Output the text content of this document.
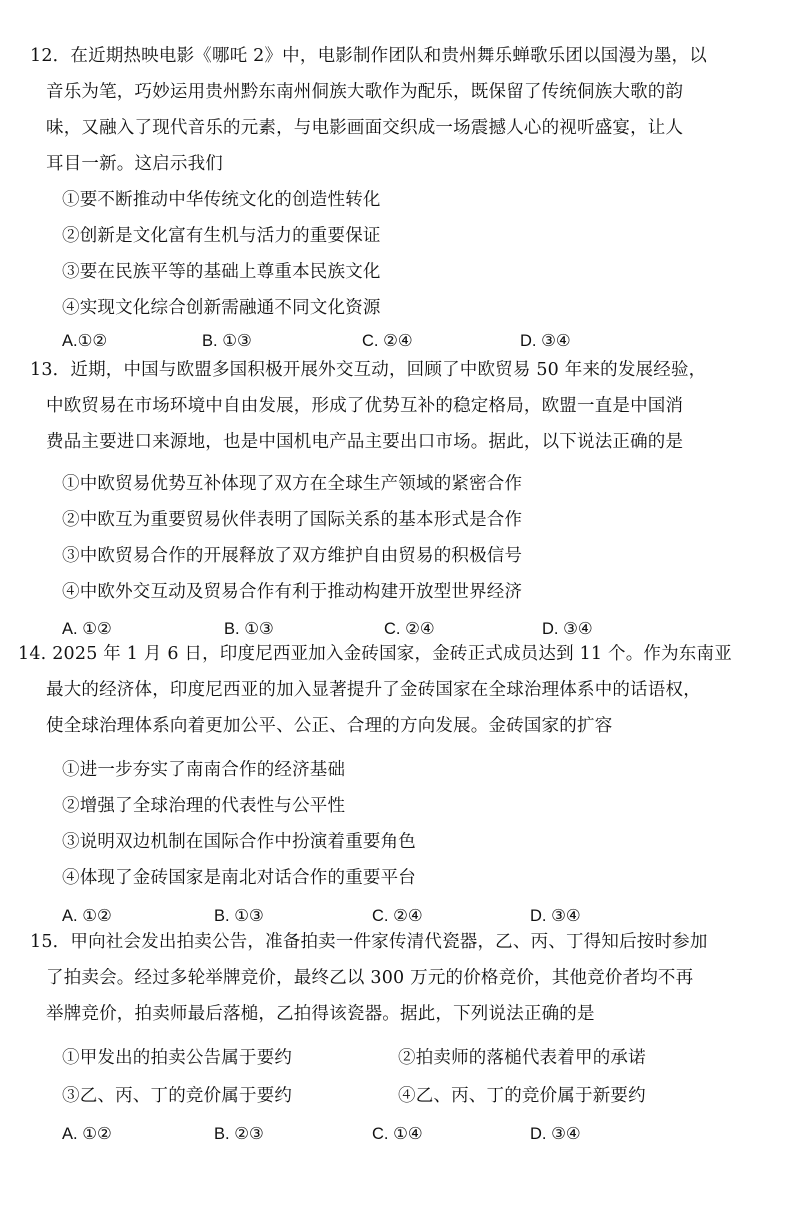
12．在近期热映电影《哪吒 2》中，电影制作团队和贵州舞乐蝉歌乐团以国漫为墨，以
音乐为笔，巧妙运用贵州黔东南州侗族大歌作为配乐，既保留了传统侗族大歌的韵
味，又融入了现代音乐的元素，与电影画面交织成一场震撼人心的视听盛宴，让人
耳目一新。这启示我们
①要不断推动中华传统文化的创造性转化
②创新是文化富有生机与活力的重要保证
③要在民族平等的基础上尊重本民族文化
④实现文化综合创新需融通不同文化资源
A.①②	B. ①③	C. ②④	D. ③④
13．近期，中国与欧盟多国积极开展外交互动，回顾了中欧贸易 50 年来的发展经验，
中欧贸易在市场环境中自由发展，形成了优势互补的稳定格局，欧盟一直是中国消
费品主要进口来源地，也是中国机电产品主要出口市场。据此，以下说法正确的是
①中欧贸易优势互补体现了双方在全球生产领域的紧密合作
②中欧互为重要贸易伙伴表明了国际关系的基本形式是合作
③中欧贸易合作的开展释放了双方维护自由贸易的积极信号
④中欧外交互动及贸易合作有利于推动构建开放型世界经济
A. ①②	B. ①③	C. ②④	D. ③④
14. 2025 年 1 月 6 日，印度尼西亚加入金砖国家，金砖正式成员达到 11 个。作为东南亚
最大的经济体，印度尼西亚的加入显著提升了金砖国家在全球治理体系中的话语权，
使全球治理体系向着更加公平、公正、合理的方向发展。金砖国家的扩容
①进一步夯实了南南合作的经济基础
②增强了全球治理的代表性与公平性
③说明双边机制在国际合作中扮演着重要角色
④体现了金砖国家是南北对话合作的重要平台
A. ①②	B. ①③	C. ②④	D. ③④
15．甲向社会发出拍卖公告，准备拍卖一件家传清代瓷器，乙、丙、丁得知后按时参加
了拍卖会。经过多轮举牌竞价，最终乙以 300 万元的价格竞价，其他竞价者均不再
举牌竞价，拍卖师最后落槌，乙拍得该瓷器。据此，下列说法正确的是
①甲发出的拍卖公告属于要约	②拍卖师的落槌代表着甲的承诺
③乙、丙、丁的竞价属于要约	④乙、丙、丁的竞价属于新要约
A. ①②	B. ②③	C. ①④	D. ③④
